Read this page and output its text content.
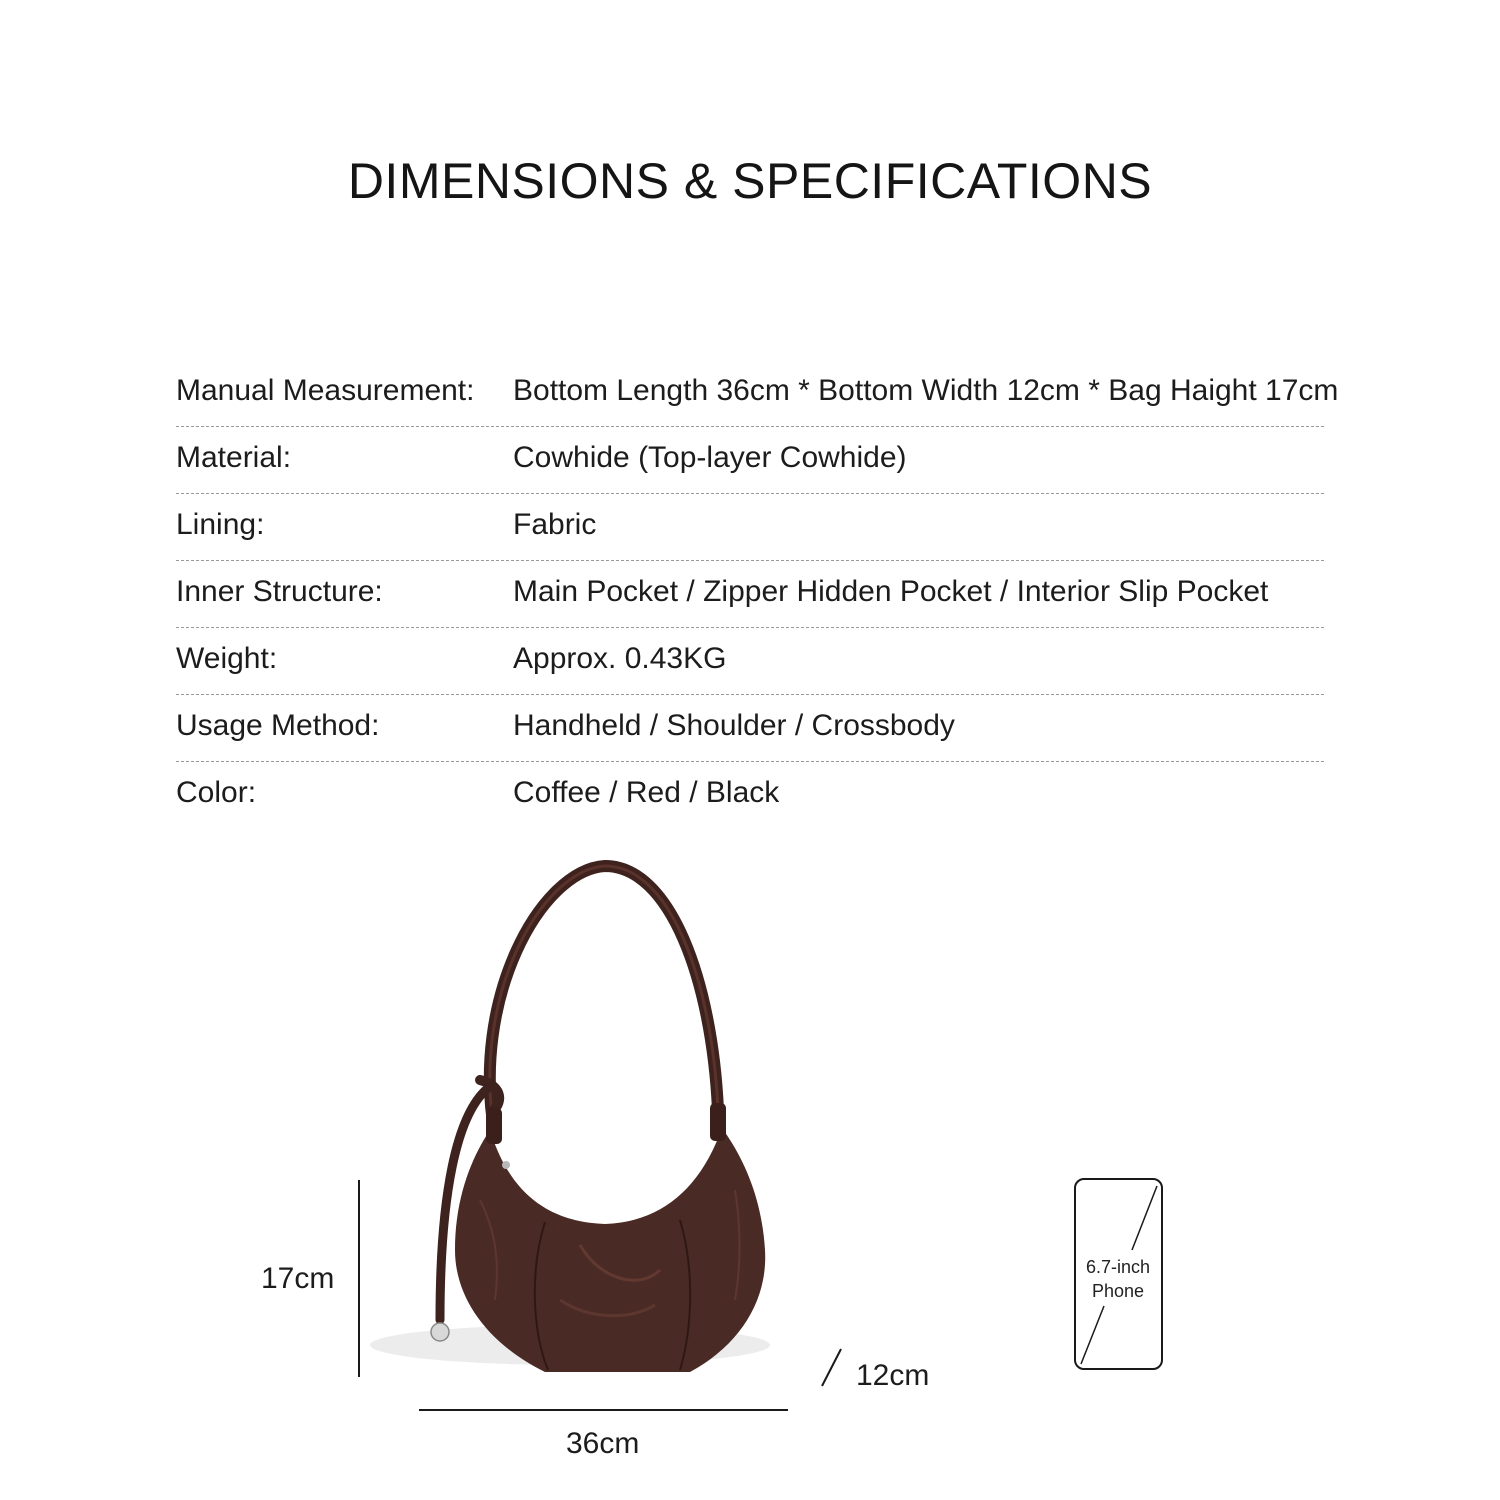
DIMENSIONS & SPECIFICATIONS
Manual Measurement: Bottom Length 36cm * Bottom Width 12cm * Bag Haight 17cm
Material:	Cowhide (Top-layer Cowhide)
Lining:	Fabric
Inner Structure:	Main Pocket / Zipper Hidden Pocket / Interior Slip Pocket
Weight:	Approx. 0.43KG
Usage Method:	Handheld / Shoulder / Crossbody
Color:	Coffee / Red / Black
17cm
12cm
36cm
6.7-inch
Phone
